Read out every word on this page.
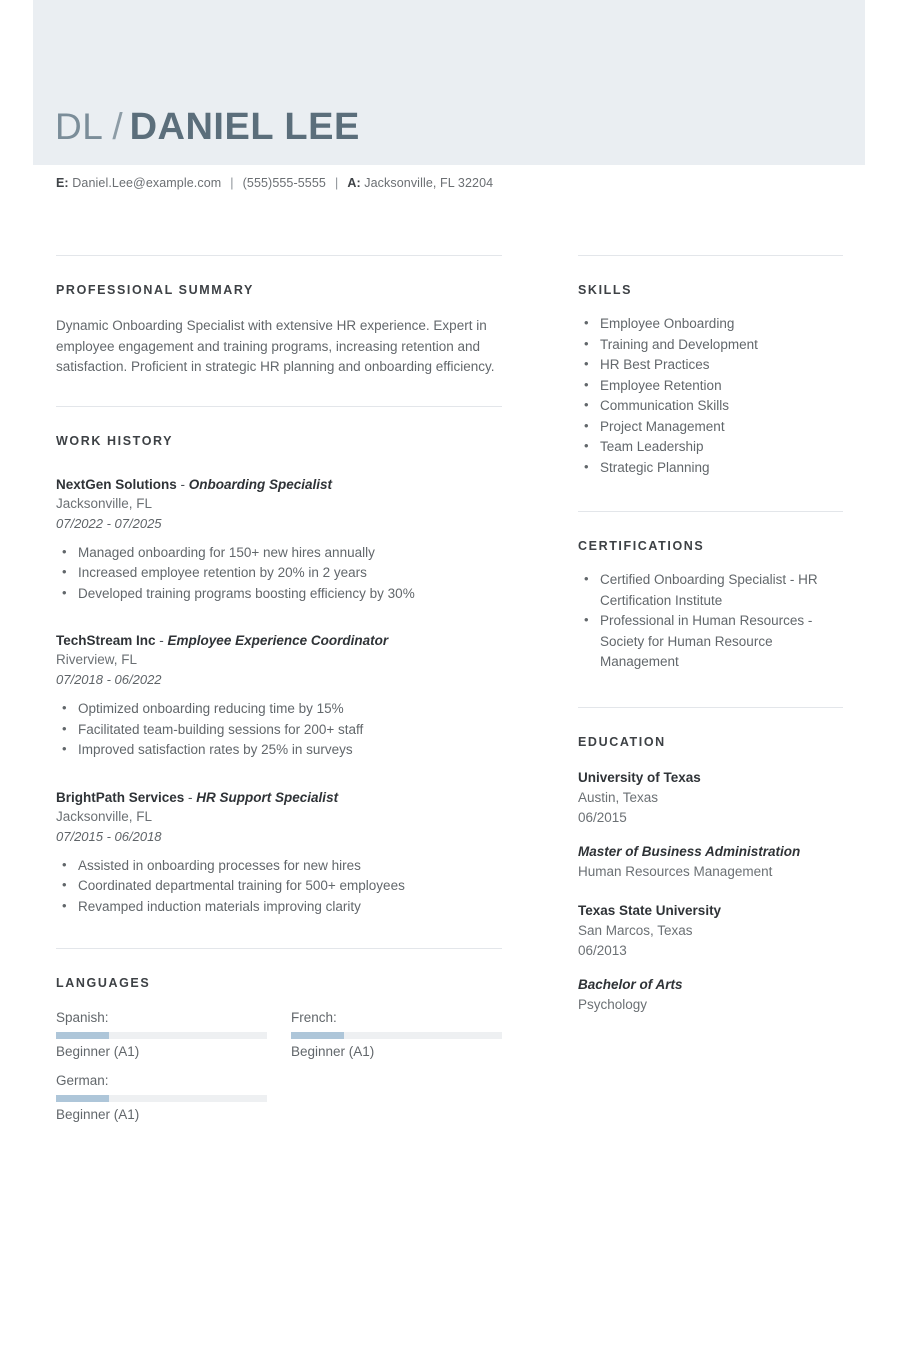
DL / DANIEL LEE
E: Daniel.Lee@example.com | (555)555-5555 | A: Jacksonville, FL 32204
PROFESSIONAL SUMMARY
Dynamic Onboarding Specialist with extensive HR experience. Expert in employee engagement and training programs, increasing retention and satisfaction. Proficient in strategic HR planning and onboarding efficiency.
WORK HISTORY
NextGen Solutions - Onboarding Specialist
Jacksonville, FL
07/2022 - 07/2025
• Managed onboarding for 150+ new hires annually
• Increased employee retention by 20% in 2 years
• Developed training programs boosting efficiency by 30%
TechStream Inc - Employee Experience Coordinator
Riverview, FL
07/2018 - 06/2022
• Optimized onboarding reducing time by 15%
• Facilitated team-building sessions for 200+ staff
• Improved satisfaction rates by 25% in surveys
BrightPath Services - HR Support Specialist
Jacksonville, FL
07/2015 - 06/2018
• Assisted in onboarding processes for new hires
• Coordinated departmental training for 500+ employees
• Revamped induction materials improving clarity
LANGUAGES
Spanish:
Beginner (A1)
French:
Beginner (A1)
German:
Beginner (A1)
SKILLS
• Employee Onboarding
• Training and Development
• HR Best Practices
• Employee Retention
• Communication Skills
• Project Management
• Team Leadership
• Strategic Planning
CERTIFICATIONS
• Certified Onboarding Specialist - HR Certification Institute
• Professional in Human Resources - Society for Human Resource Management
EDUCATION
University of Texas
Austin, Texas
06/2015
Master of Business Administration
Human Resources Management
Texas State University
San Marcos, Texas
06/2013
Bachelor of Arts
Psychology
